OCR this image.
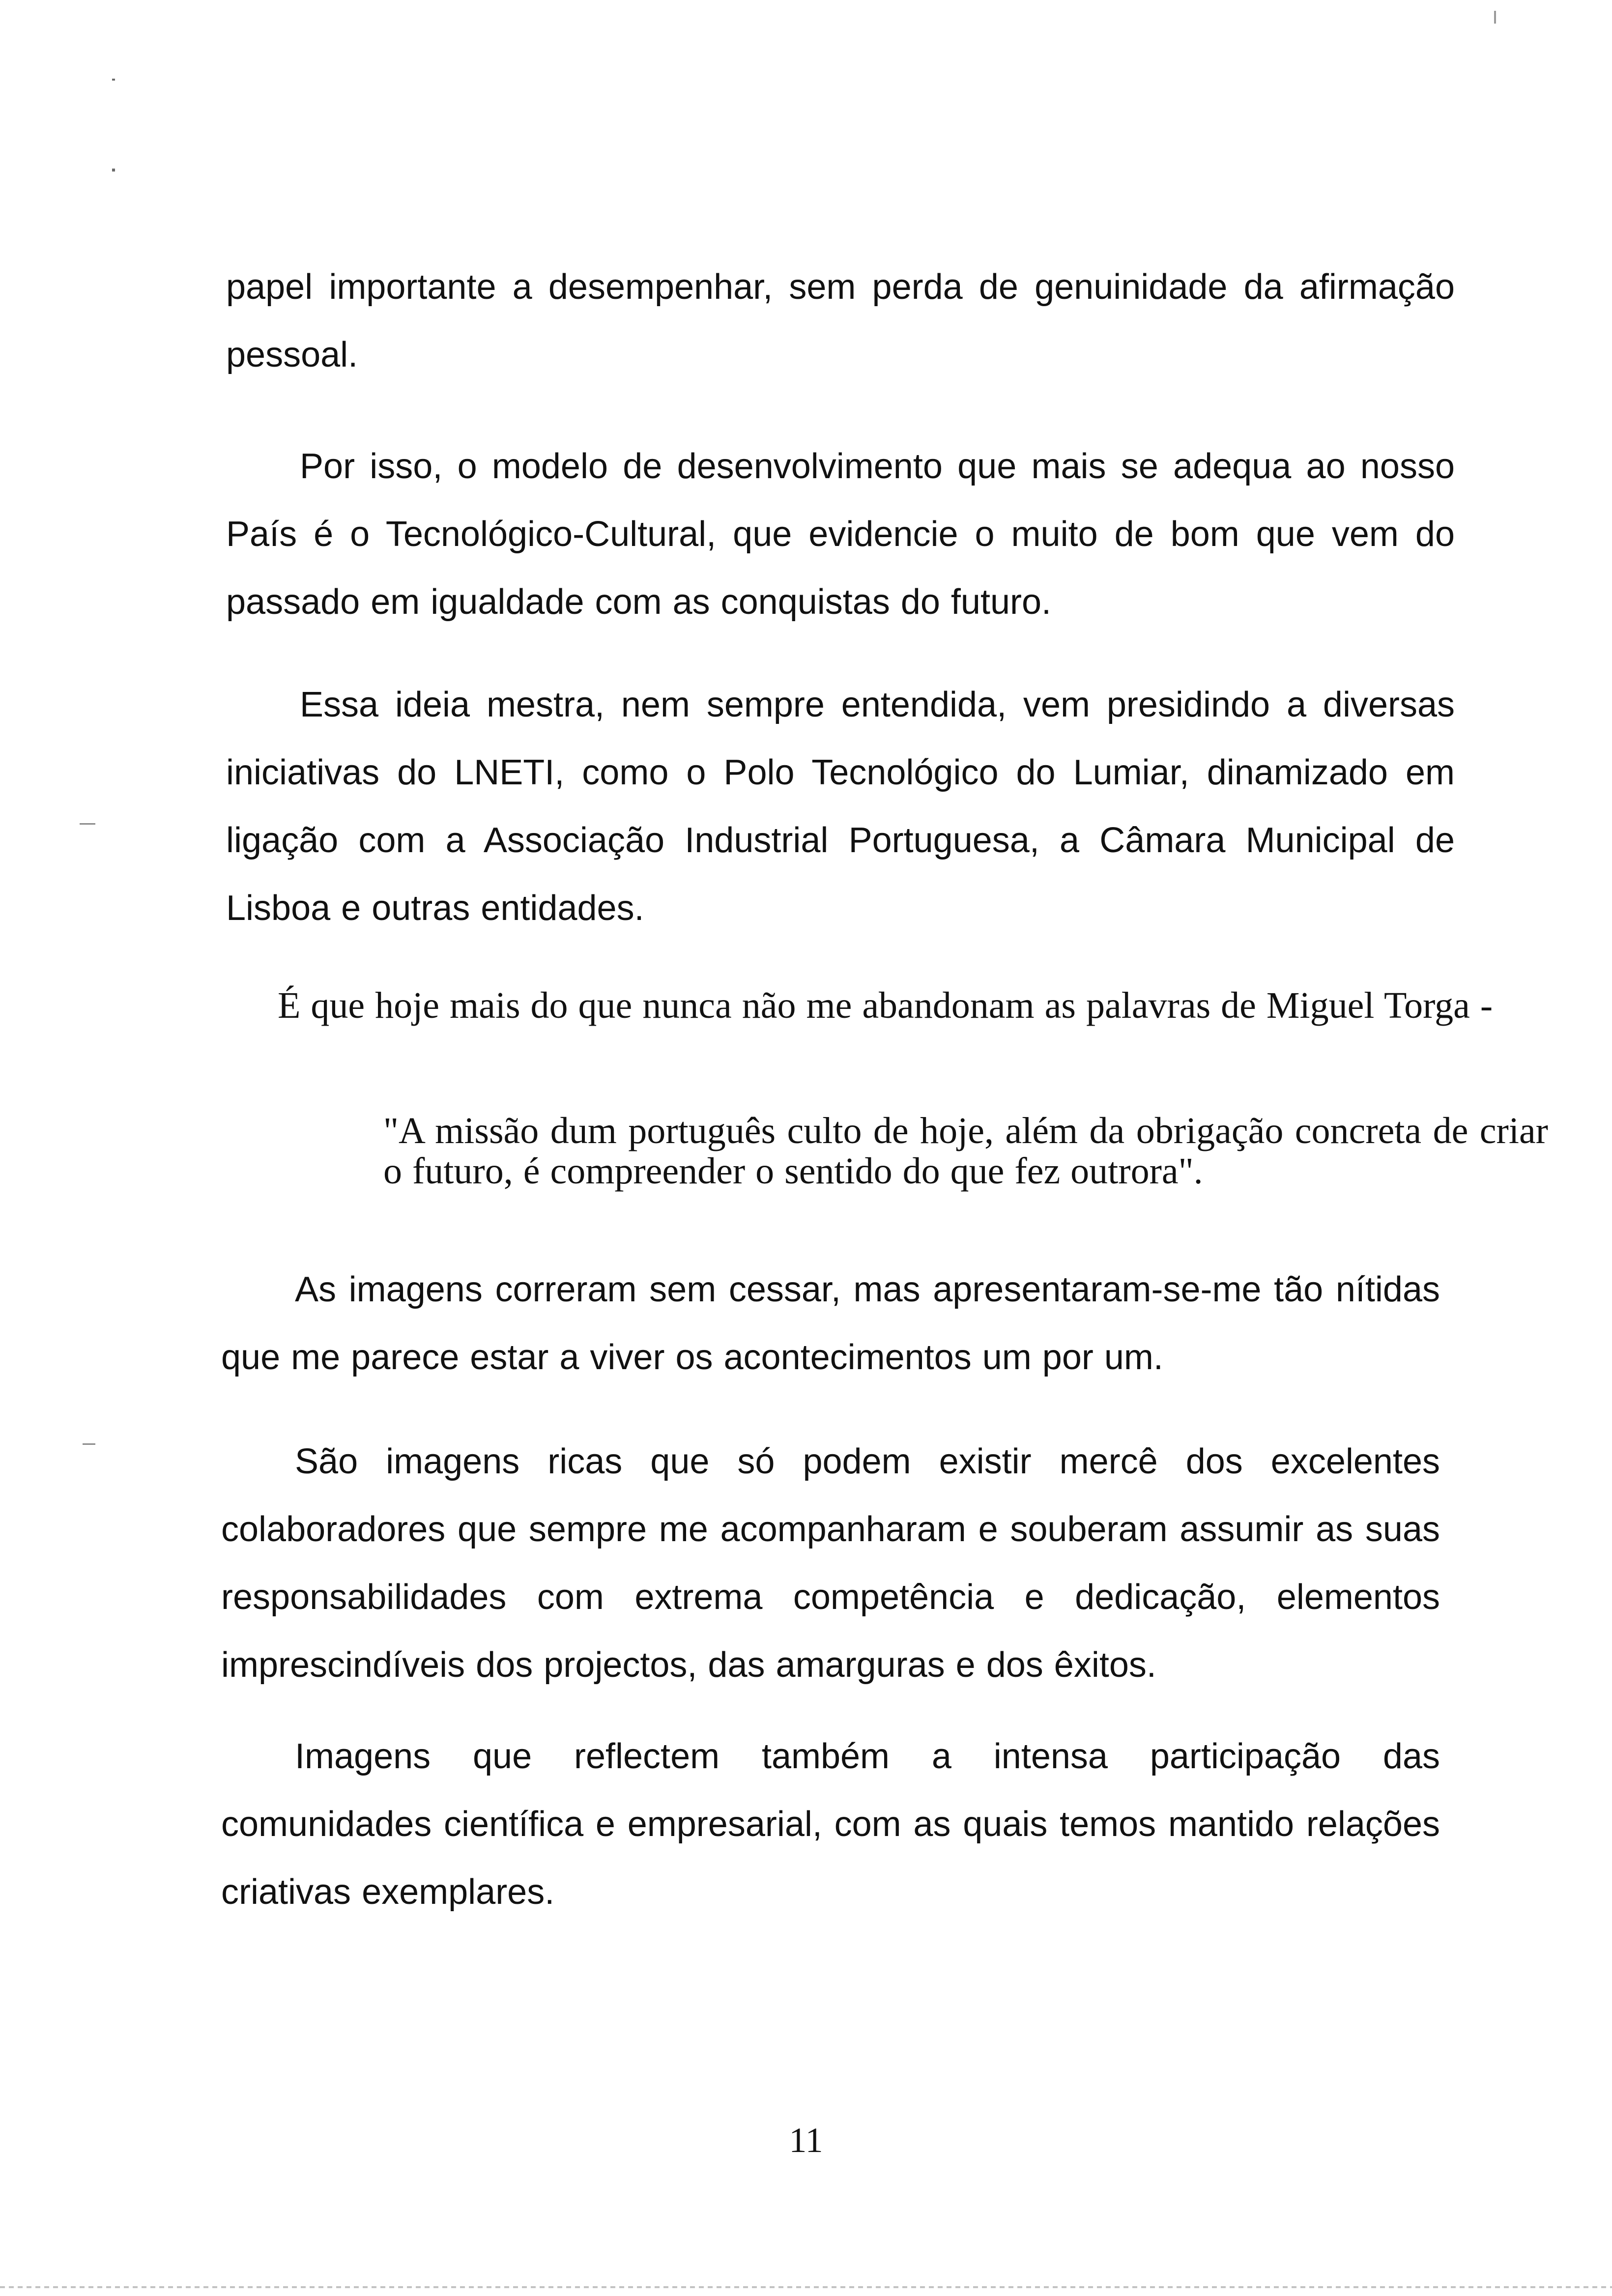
papel importante a desempenhar, sem perda de genuinidade da afirmação pessoal.

Por isso, o modelo de desenvolvimento que mais se adequa ao nosso País é o Tecnológico-Cultural, que evidencie o muito de bom que vem do passado em igualdade com as conquistas do futuro.

Essa ideia mestra, nem sempre entendida, vem presidindo a diversas iniciativas do LNETI, como o Polo Tecnológico do Lumiar, dinamizado em ligação com a Associação Industrial Portuguesa, a Câmara Municipal de Lisboa e outras entidades.

É que hoje mais do que nunca não me abandonam as palavras de Miguel Torga -

"A missão dum português culto de hoje, além da obrigação concreta de criar o futuro, é compreender o sentido do que fez outrora".

As imagens correram sem cessar, mas apresentaram-se-me tão nítidas que me parece estar a viver os acontecimentos um por um.

São imagens ricas que só podem existir mercê dos excelentes colaboradores que sempre me acompanharam e souberam assumir as suas responsabilidades com extrema competência e dedicação, elementos imprescindíveis dos projectos, das amarguras e dos êxitos.

Imagens que reflectem também a intensa participação das comunidades científica e empresarial, com as quais temos mantido relações criativas exemplares.

11
